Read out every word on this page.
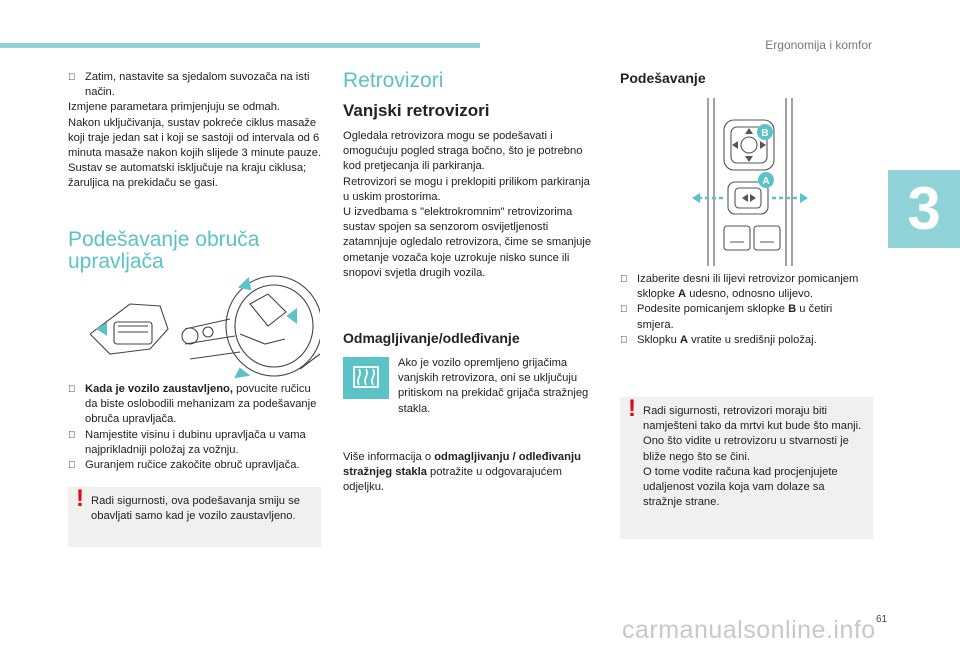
Ergonomija i komfor
3

Zatim, nastavite sa sjedalom suvozača na isti način.

Izmjene parametara primjenjuju se odmah.

Nakon uključivanja, sustav pokreće ciklus masaže koji traje jedan sat i koji se sastoji od intervala od 6 minuta masaže nakon kojih slijede 3 minute pauze.

Sustav se automatski isključuje na kraju ciklusa; žaruljica na prekidaču se gasi.

Podešavanje obruča upravljača

Kada je vozilo zaustavljeno, povucite ručicu da biste oslobodili mehanizam za podešavanje obruča upravljača.

Namjestite visinu i dubinu upravljača u vama najprikladniji položaj za vožnju.

Guranjem ručice zakočite obruč upravljača.

! Radi sigurnosti, ova podešavanja smiju se obavljati samo kad je vozilo zaustavljeno.

Retrovizori
Vanjski retrovizori

Ogledala retrovizora mogu se podešavati i omogućuju pogled straga bočno, što je potrebno kod pretjecanja ili parkiranja.

Retrovizori se mogu i preklopiti prilikom parkiranja u uskim prostorima.

U izvedbama s "elektrokromnim" retrovizorima sustav spojen sa senzorom osvijetljenosti zatamnjuje ogledalo retrovizora, čime se smanjuje ometanje vozača koje uzrokuje nisko sunce ili snopovi svjetla drugih vozila.

Odmagljivanje/odleđivanje

Ako je vozilo opremljeno grijačima vanjskih retrovizora, oni se uključuju pritiskom na prekidač grijača stražnjeg stakla.

Više informacija o odmagljivanju / odleđivanju stražnjeg stakla potražite u odgovarajućem odjeljku.

Podešavanje
B
A

Izaberite desni ili lijevi retrovizor pomicanjem sklopke A udesno, odnosno ulijevo.

Podesite pomicanjem sklopke B u četiri smjera.

Sklopku A vratite u središnji položaj.

! Radi sigurnosti, retrovizori moraju biti namješteni tako da mrtvi kut bude što manji.

Ono što vidite u retrovizoru u stvarnosti je bliže nego što se čini.

O tome vodite računa kad procjenjujete udaljenost vozila koja vam dolaze sa stražnje strane.

carmanualsonline.info 61
